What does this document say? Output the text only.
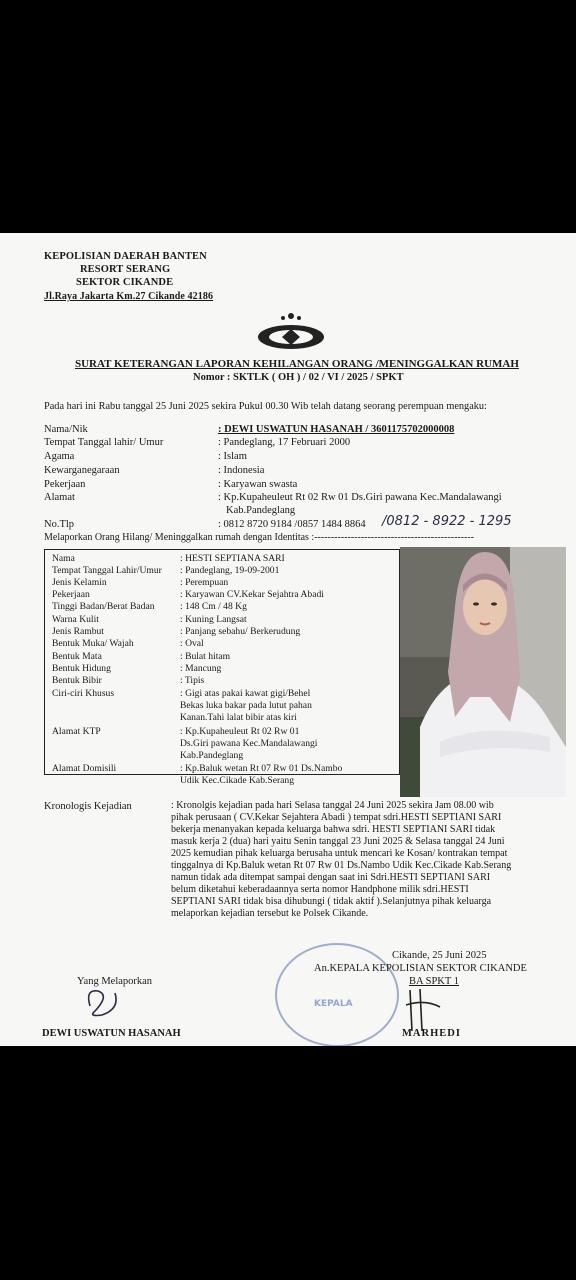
KEPOLISIAN DAERAH BANTEN
RESORT SERANG
SEKTOR CIKANDE
Jl.Raya Jakarta Km.27 Cikande 42186
SURAT KETERANGAN LAPORAN KEHILANGAN ORANG /MENINGGALKAN RUMAH
Nomor : SKTLK ( OH ) / 02 / VI / 2025 / SPKT
Pada hari ini Rabu tanggal 25 Juni 2025 sekira Pukul 00.30 Wib telah datang seorang perempuan mengaku:
Nama/Nik	: DEWI USWATUN HASANAH / 3601175702000008
Tempat Tanggal lahir/ Umur	: Pandeglang, 17 Februari 2000
Agama	: Islam
Kewarganegaraan	: Indonesia
Pekerjaan	: Karyawan swasta
Alamat	: Kp.Kupaheuleut Rt 02 Rw 01 Ds.Giri pawana Kec.Mandalawangi
Kab.Pandeglang
No.Tlp	: 0812 8720 9184 /0857 1484 8864 /0812 - 8922 - 1295
Melaporkan Orang Hilang/ Meninggalkan rumah dengan Identitas :------------------------------------------------
Nama	: HESTI SEPTIANA SARI
Tempat Tanggal Lahir/Umur : Pandeglang, 19-09-2001
Jenis Kelamin	: Perempuan
Pekerjaan	: Karyawan CV.Kekar Sejahtra Abadi
Tinggi Badan/Berat Badan	: 148 Cm / 48 Kg
Warna Kulit	: Kuning Langsat
Jenis Rambut	: Panjang sebahu/ Berkerudung
Bentuk Muka/ Wajah	: Oval
Bentuk Mata	: Bulat hitam
Bentuk Hidung	: Mancung
Bentuk Bibir	: Tipis
Ciri-ciri Khusus	: Gigi atas pakai kawat gigi/Behel
Bekas luka bakar pada lutut pahan
Kanan.Tahi lalat bibir atas kiri
Alamat KTP	: Kp.Kupaheuleut Rt 02 Rw 01
Ds.Giri pawana Kec.Mandalawangi
Kab.Pandeglang
Alamat Domisili	: Kp.Baluk wetan Rt 07 Rw 01 Ds.Nambo
Udik Kec.Cikade Kab.Serang
Kronologis Kejadian	: Kronolgis kejadian pada hari Selasa tanggal 24 Juni 2025 sekira Jam 08.00 wib
pihak perusaan ( CV.Kekar Sejahtera Abadi ) tempat sdri.HESTI SEPTIANI SARI
bekerja menanyakan kepada keluarga bahwa sdri. HESTI SEPTIANI SARI tidak
masuk kerja 2 (dua) hari yaitu Senin tanggal 23 Juni 2025 & Selasa tanggal 24 Juni
2025 kemudian pihak keluarga berusaha untuk mencari ke Kosan/ kontrakan tempat
tinggalnya di Kp.Baluk wetan Rt 07 Rw 01 Ds.Nambo Udik Kec.Cikade Kab.Serang
namun tidak ada ditempat sampai dengan saat ini Sdri.HESTI SEPTIANI SARI
belum diketahui keberadaannya serta nomor Handphone milik sdri.HESTI
SEPTIANI SARI tidak bisa dihubungi ( tidak aktif ).Selanjutnya pihak keluarga
melaporkan kejadian tersebut ke Polsek Cikande.
KEPALA
Cikande, 25 Juni 2025
An.KEPALA KEPOLISIAN SEKTOR CIKANDE
BA SPKT 1
Yang Melaporkan
DEWI USWATUN HASANAH	MARHEDI
